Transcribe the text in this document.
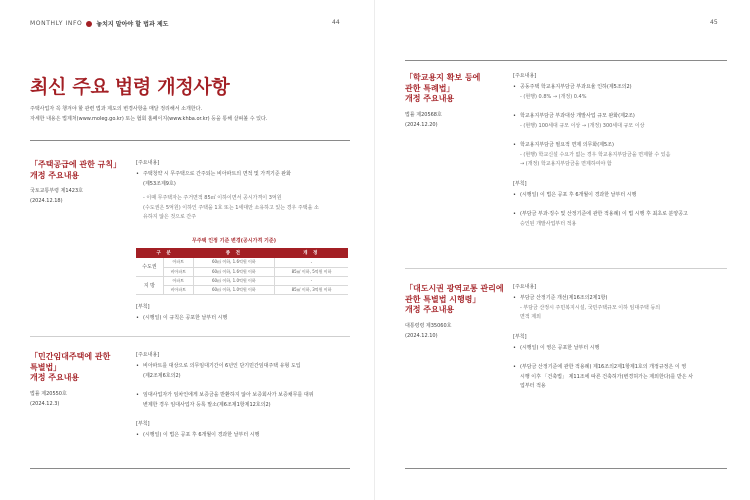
MONTHLY INFO 놓치지 말아야 할 법과 제도	44
최신 주요 법령 개정사항
주택사업자 꼭 챙겨야 할 관련 법과 제도의 변경사항을 매달 정리해서 소개한다.
자세한 내용은 법제처(www.moleg.go.kr) 또는 협회 홈페이지(www.khba.or.kr) 등을 통해 살펴볼 수 있다.
「주택공급에 관한 규칙」
개정 주요내용
국토교통부령 제1423호
(2024.12.18)
[주요내용]
• 주택청약 시 무주택으로 간주되는 비아파트의 면적 및 가격기준 완화
(제53조제9호)
- 이때 무주택자는 주거면적 85㎡ 이하이면서 공시가격이 3억원
(수도권은 5억원) 이하인 주택을 1호 또는 1세대만 소유하고 있는 경우 주택을 소
유하지 않은 것으로 간주
무주택 인정 기준 변경(공시가격 기준)
구 분		종 전	개 정
수도권	아파트	60㎡ 이하, 1.6억원 이하	-
	비아파트	60㎡ 이하, 1.6억원 이하	85㎡ 이하, 5억원 이하
지 방	아파트	60㎡ 이하, 1.0억원 이하	-
	비아파트	60㎡ 이하, 1.0억원 이하	85㎡ 이하, 3억원 이하
[부칙]
• (시행일) 이 규칙은 공포한 날부터 시행
「민간임대주택에 관한
특별법」
개정 주요내용
법률 제20550호
(2024.12.3)
[주요내용]
• 비아파트를 대상으로 의무임대기간이 6년인 단기민간임대주택 유형 도입
(제2조제6호의2)
• 임대사업자가 임차인에게 보증금을 반환하지 않아 보증회사가 보증채무를 대위
변제한 경우 임대사업자 등록 말소(제6조제1항제12호의2)
[부칙]
• (시행일) 이 법은 공포 후 6개월이 경과한 날부터 시행
45
「학교용지 확보 등에
관한 특례법」
개정 주요내용
법률 제20568호
(2024.12.20)
[주요내용]
• 공동주택 학교용지부담금 부과요율 인하(제5조의2)
- (현행) 0.8% → (개정) 0.4%
• 학교용지부담금 부과대상 개발사업 규모 완화(제2조)
- (현행) 100세대 규모 이상 → (개정) 300세대 규모 이상
• 학교용지부담금 필요적 면제 의무화(제5조)
- (현행) 학교신설 수요가 없는 경우 학교용지부담금을 면제할 수 있음
→ (개정) 학교용지부담금을 면제하여야 함
[부칙]
• (시행일) 이 법은 공포 후 6개월이 경과한 날부터 시행
• (부담금 부과·징수 및 산정기준에 관한 적용례) 이 법 시행 후 최초로 분양공고
승인된 개발사업부터 적용
「대도시권 광역교통 관리에
관한 특별법 시행령」
개정 주요내용
대통령령 제35060호
(2024.12.10)
[주요내용]
• 부담금 산정기준 개선(제16조의2제1항)
- 부담금 산정시 주민복지시설, 국민주택규모 이하 임대주택 등의
면적 제외
[부칙]
• (시행일) 이 영은 공포한 날부터 시행
• (부담금 산정기준에 관한 적용례) 제16조의2제1항제1호의 개정규정은 이 영
시행 이후 「건축법」 제11조에 따른 건축허가(변경허가는 제외한다)를 받은 사
업부터 적용
